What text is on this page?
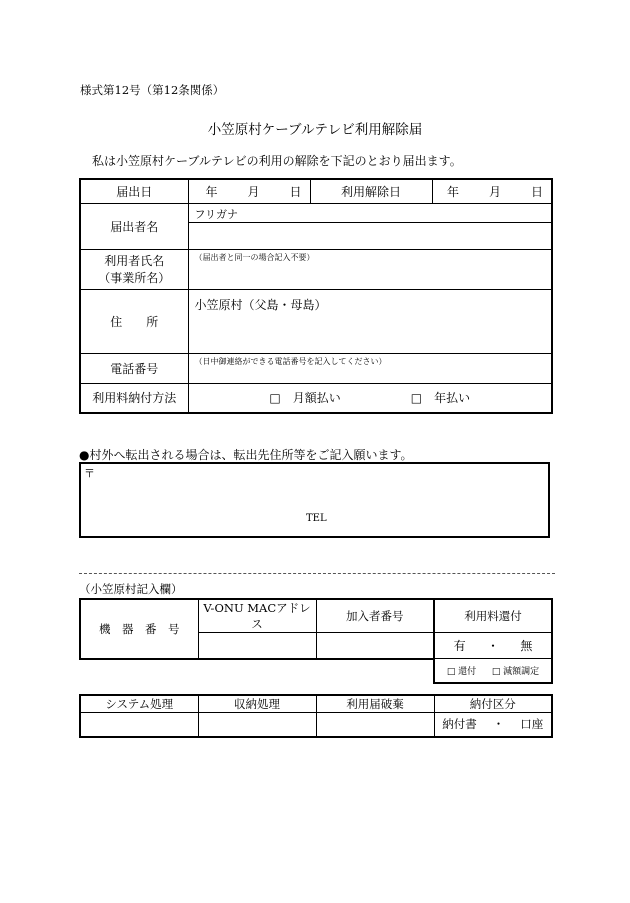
様式第12号（第12条関係）
小笠原村ケーブルテレビ利用解除届
私は小笠原村ケーブルテレビの利用の解除を下記のとおり届出ます。
届出日	年 月 日	利用解除日	年 月 日

届出者名	フリガナ		

利用者氏名
（事業所名）	（届出者と同一の場合記入不要）		
住　　所	小笠原村（父島・母島）		

電話番号	（日中御連絡ができる電話番号を記入してください）		
利用料納付方法	□　月額払い □　年払い		
●村外へ転出される場合は、転出先住所等をご記入願います。
〒
TEL
（小笠原村記入欄）
機　器　番　号	V-ONU MACアドレス	加入者番号	利用料還付

			有 ・ 無

			□ 還付 □ 減額調定
システム処理	収納処理	利用届破棄	納付区分

			納付書 ・ 口座
